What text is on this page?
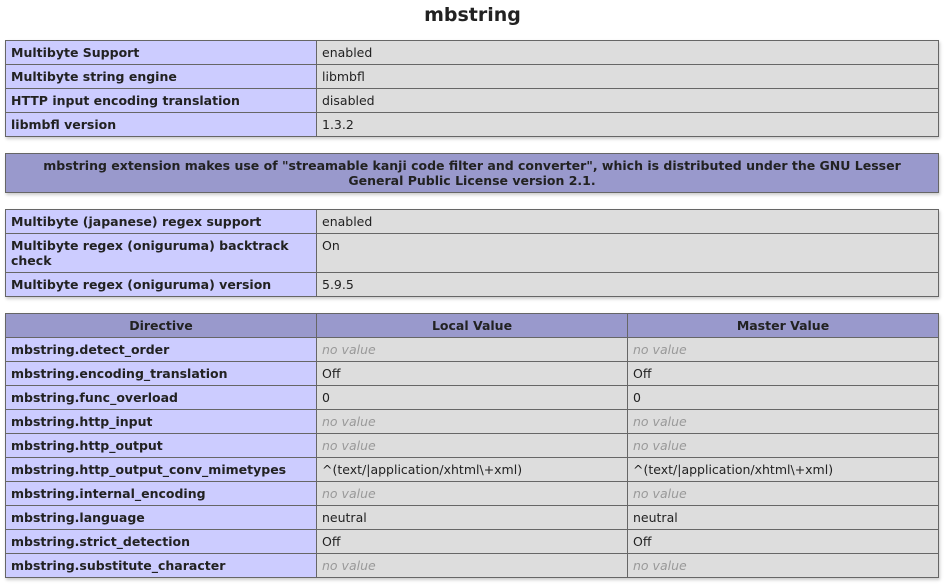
mbstring
Multibyte Support	enabled
Multibyte string engine	libmbfl
HTTP input encoding translation	disabled
libmbfl version	1.3.2
mbstring extension makes use of "streamable kanji code filter and converter", which is distributed under the GNU Lesser General Public License version 2.1.
Multibyte (japanese) regex support	enabled
Multibyte regex (oniguruma) backtrack check	On
Multibyte regex (oniguruma) version	5.9.5
Directive	Local Value	Master Value
mbstring.detect_order	no value	no value
mbstring.encoding_translation	Off	Off
mbstring.func_overload	0	0
mbstring.http_input	no value	no value
mbstring.http_output	no value	no value
mbstring.http_output_conv_mimetypes	^(text/|application/xhtml\+xml)	^(text/|application/xhtml\+xml)
mbstring.internal_encoding	no value	no value
mbstring.language	neutral	neutral
mbstring.strict_detection	Off	Off
mbstring.substitute_character	no value	no value
